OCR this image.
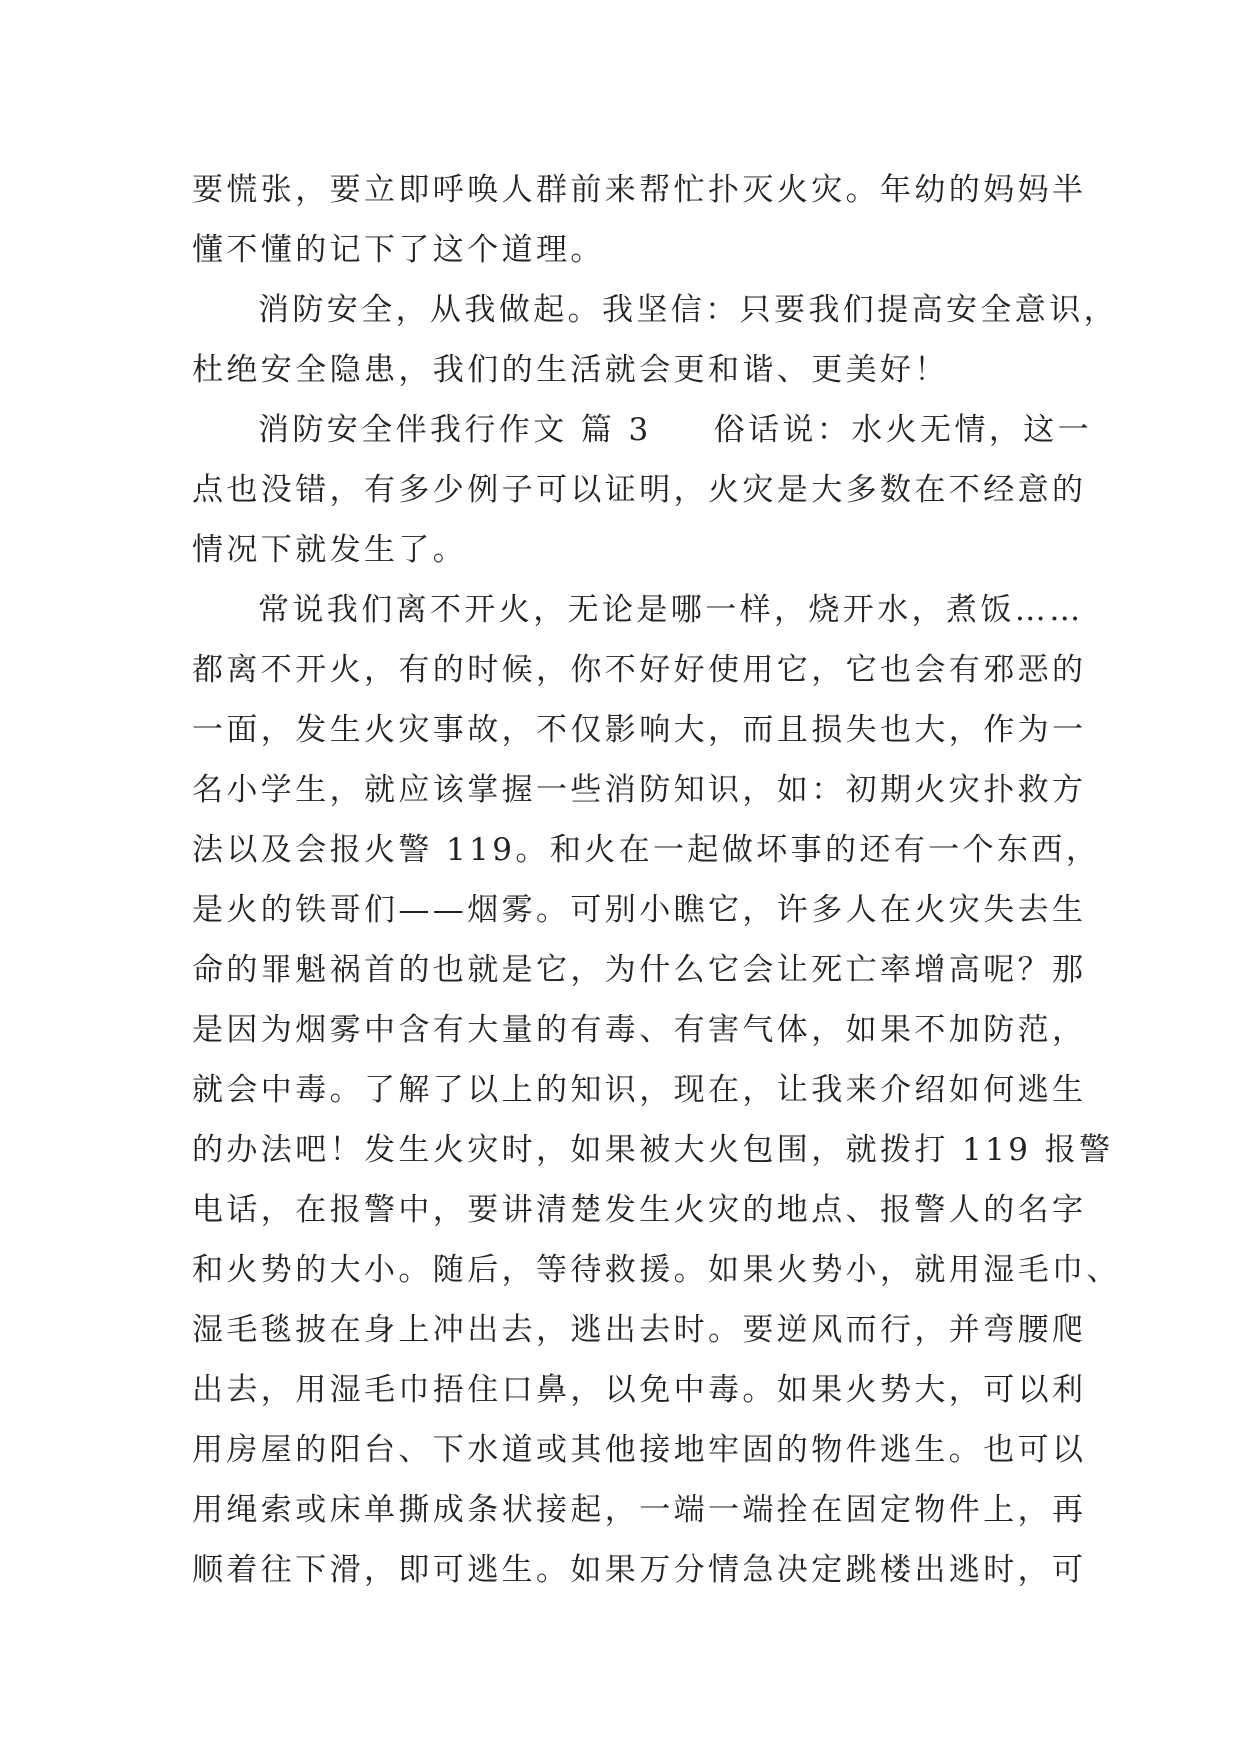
要慌张，要立即呼唤人群前来帮忙扑灭火灾。年幼的妈妈半
懂不懂的记下了这个道理。
消防安全，从我做起。我坚信：只要我们提高安全意识，
杜绝安全隐患，我们的生活就会更和谐、更美好！
消防安全伴我行作文 篇 3 俗话说：水火无情，这一
点也没错，有多少例子可以证明，火灾是大多数在不经意的
情况下就发生了。
常说我们离不开火，无论是哪一样，烧开水，煮饭……
都离不开火，有的时候，你不好好使用它，它也会有邪恶的
一面，发生火灾事故，不仅影响大，而且损失也大，作为一
名小学生，就应该掌握一些消防知识，如：初期火灾扑救方
法以及会报火警 119。和火在一起做坏事的还有一个东西，
是火的铁哥们——烟雾。可别小瞧它，许多人在火灾失去生
命的罪魁祸首的也就是它，为什么它会让死亡率增高呢？那
是因为烟雾中含有大量的有毒、有害气体，如果不加防范，
就会中毒。了解了以上的知识，现在，让我来介绍如何逃生
的办法吧！发生火灾时，如果被大火包围，就拨打 119 报警
电话，在报警中，要讲清楚发生火灾的地点、报警人的名字
和火势的大小。随后，等待救援。如果火势小，就用湿毛巾、
湿毛毯披在身上冲出去，逃出去时。要逆风而行，并弯腰爬
出去，用湿毛巾捂住口鼻，以免中毒。如果火势大，可以利
用房屋的阳台、下水道或其他接地牢固的物件逃生。也可以
用绳索或床单撕成条状接起，一端一端拴在固定物件上，再
顺着往下滑，即可逃生。如果万分情急决定跳楼出逃时，可
